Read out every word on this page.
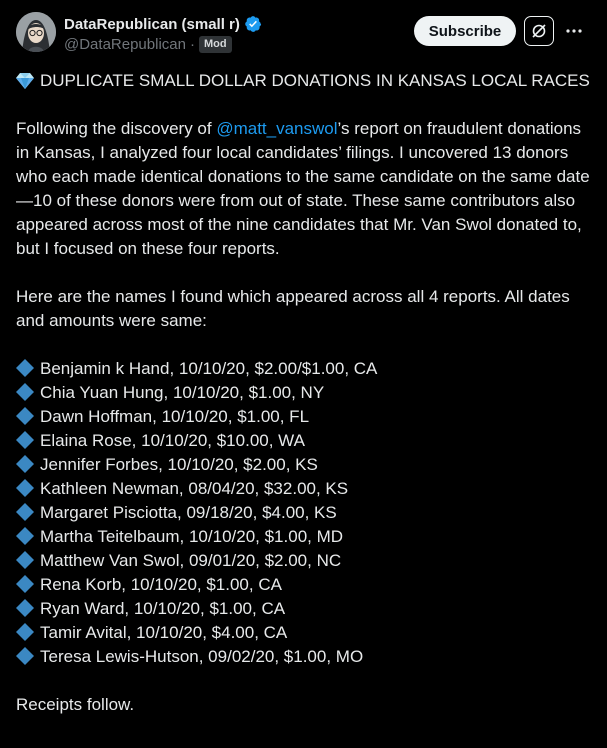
DataRepublican (small r)
@DataRepublican · Mod
Subscribe

DUPLICATE SMALL DOLLAR DONATIONS IN KANSAS LOCAL RACES

Following the discovery of @matt_vanswol’s report on fraudulent donations in Kansas, I analyzed four local candidates’ filings. I uncovered 13 donors who each made identical donations to the same candidate on the same date—10 of these donors were from out of state. These same contributors also appeared across most of the nine candidates that Mr. Van Swol donated to, but I focused on these four reports.

Here are the names I found which appeared across all 4 reports. All dates and amounts were same:

Benjamin k Hand, 10/10/20, $2.00/$1.00, CA
Chia Yuan Hung, 10/10/20, $1.00, NY
Dawn Hoffman, 10/10/20, $1.00, FL
Elaina Rose, 10/10/20, $10.00, WA
Jennifer Forbes, 10/10/20, $2.00, KS
Kathleen Newman, 08/04/20, $32.00, KS
Margaret Pisciotta, 09/18/20, $4.00, KS
Martha Teitelbaum, 10/10/20, $1.00, MD
Matthew Van Swol, 09/01/20, $2.00, NC
Rena Korb, 10/10/20, $1.00, CA
Ryan Ward, 10/10/20, $1.00, CA
Tamir Avital, 10/10/20, $4.00, CA
Teresa Lewis-Hutson, 09/02/20, $1.00, MO

Receipts follow.
